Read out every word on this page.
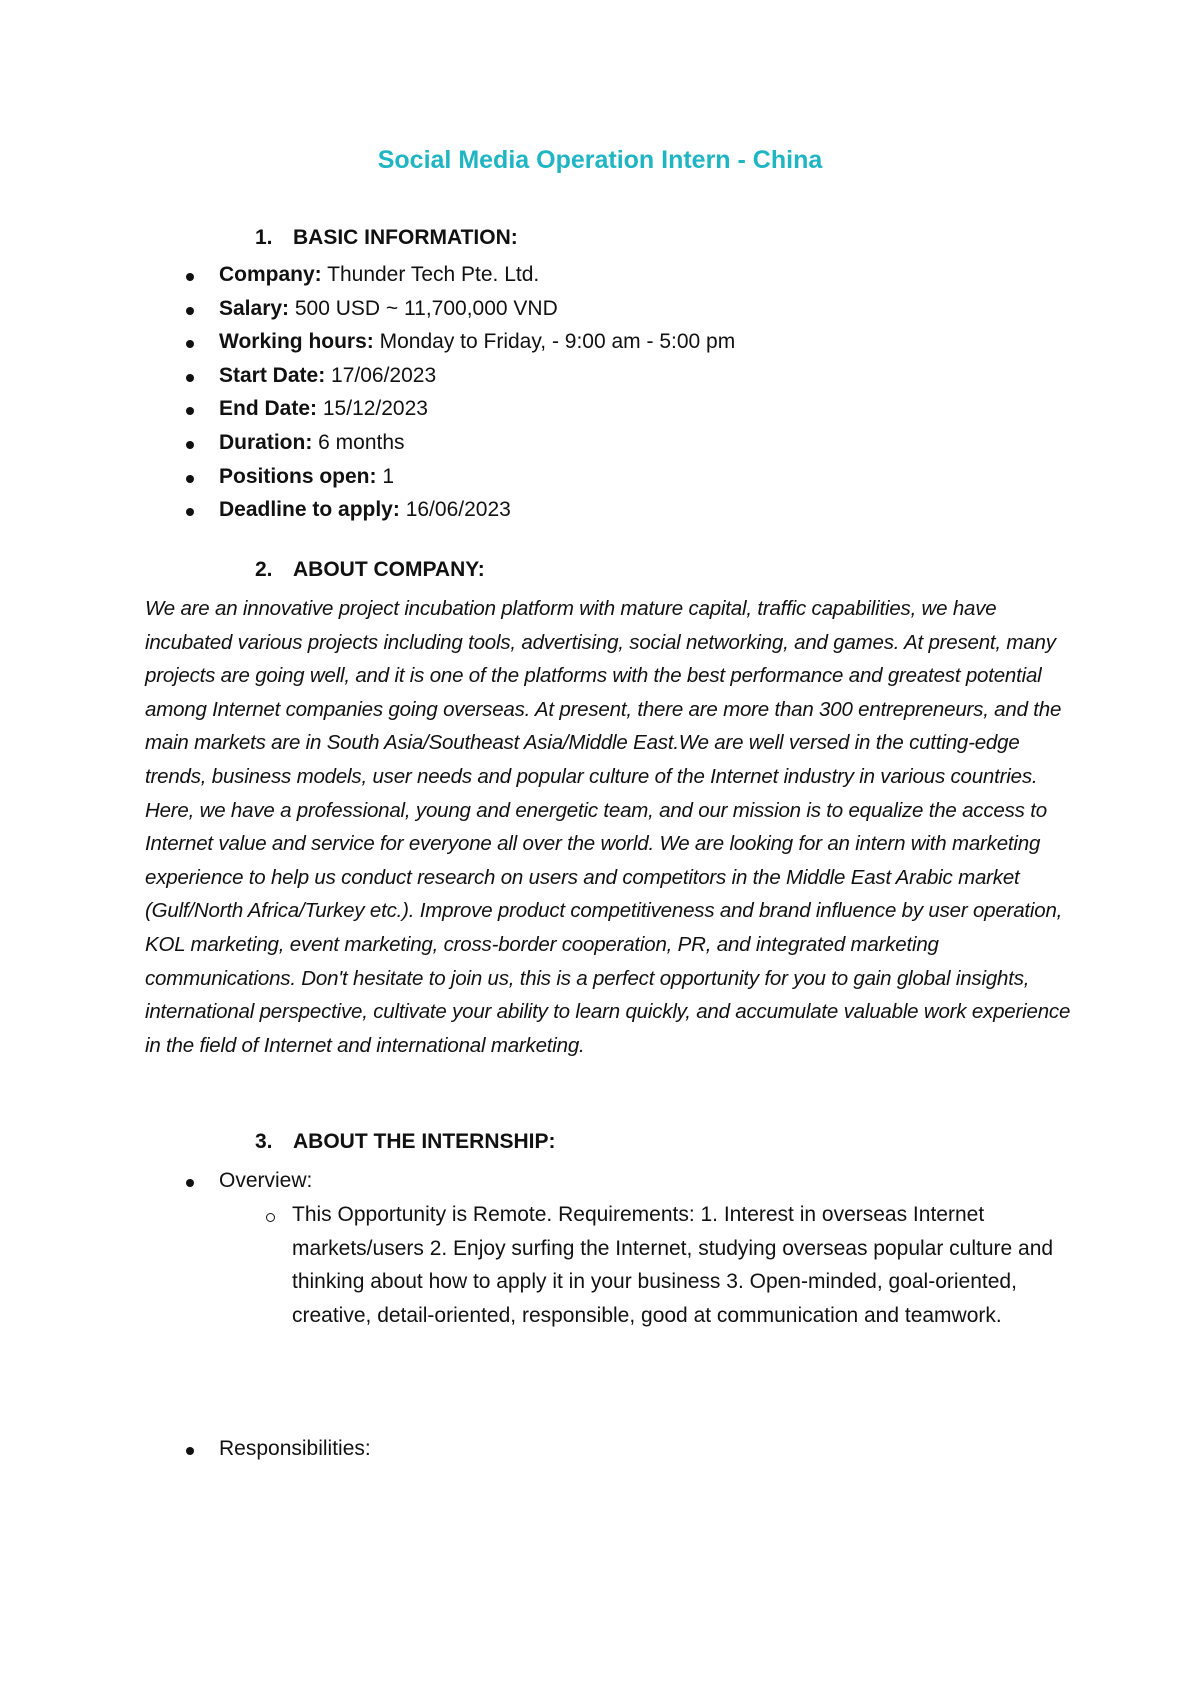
Social Media Operation Intern - China
1. BASIC INFORMATION:
Company: Thunder Tech Pte. Ltd.
Salary: 500 USD ~ 11,700,000 VND
Working hours: Monday to Friday, - 9:00 am - 5:00 pm
Start Date: 17/06/2023
End Date: 15/12/2023
Duration: 6 months
Positions open: 1
Deadline to apply: 16/06/2023
2. ABOUT COMPANY:

We are an innovative project incubation platform with mature capital, traffic capabilities, we have incubated various projects including tools, advertising, social networking, and games. At present, many projects are going well, and it is one of the platforms with the best performance and greatest potential among Internet companies going overseas. At present, there are more than 300 entrepreneurs, and the main markets are in South Asia/Southeast Asia/Middle East.We are well versed in the cutting-edge trends, business models, user needs and popular culture of the Internet industry in various countries. Here, we have a professional, young and energetic team, and our mission is to equalize the access to Internet value and service for everyone all over the world. We are looking for an intern with marketing experience to help us conduct research on users and competitors in the Middle East Arabic market (Gulf/North Africa/Turkey etc.). Improve product competitiveness and brand influence by user operation, KOL marketing, event marketing, cross-border cooperation, PR, and integrated marketing communications. Don't hesitate to join us, this is a perfect opportunity for you to gain global insights, international perspective, cultivate your ability to learn quickly, and accumulate valuable work experience in the field of Internet and international marketing.

3. ABOUT THE INTERNSHIP:
Overview:

This Opportunity is Remote. Requirements: 1. Interest in overseas Internet markets/users 2. Enjoy surfing the Internet, studying overseas popular culture and thinking about how to apply it in your business 3. Open-minded, goal-oriented, creative, detail-oriented, responsible, good at communication and teamwork.

Responsibilities:
